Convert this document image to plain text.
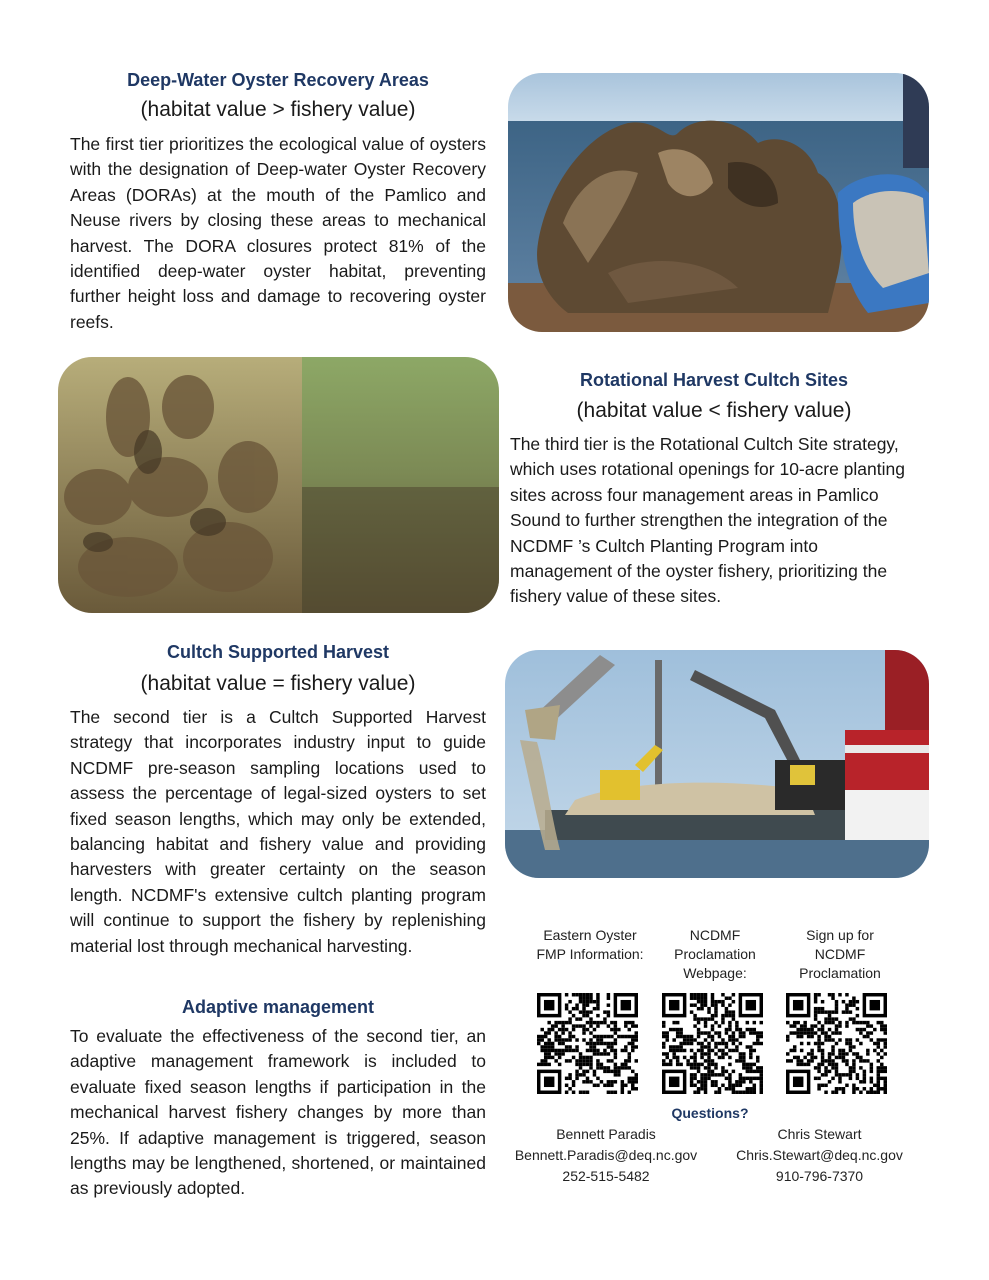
Deep-Water Oyster Recovery Areas
(habitat value > fishery value)
The first tier prioritizes the ecological value of oysters with the designation of Deep-water Oyster Recovery Areas (DORAs) at the mouth of the Pamlico and Neuse rivers by closing these areas to mechanical harvest. The DORA closures protect 81% of the identified deep-water oyster habitat, preventing further height loss and damage to recovering oyster reefs.
Rotational Harvest Cultch Sites
(habitat value < fishery value)
The third tier is the Rotational Cultch Site strategy, which uses rotational openings for 10-acre planting sites across four management areas in Pamlico Sound to further strengthen the integration of the NCDMF ’s Cultch Planting Program into management of the oyster fishery, prioritizing the fishery value of these sites.
Cultch Supported Harvest
(habitat value = fishery value)
The second tier is a Cultch Supported Harvest strategy that incorporates industry input to guide NCDMF pre-season sampling locations used to assess the percentage of legal-sized oysters to set fixed season lengths, which may only be extended, balancing habitat and fishery value and providing harvesters with greater certainty on the season length. NCDMF's extensive cultch planting program will continue to support the fishery by replenishing material lost through mechanical harvesting.
Adaptive management
To evaluate the effectiveness of the second tier, an adaptive management framework is included to evaluate fixed season lengths if participation in the mechanical harvest fishery changes by more than 25%. If adaptive management is triggered, season lengths may be lengthened, shortened, or maintained as previously adopted.
Eastern Oyster FMP Information:
NCDMF Proclamation Webpage:
Sign up for NCDMF Proclamation
Questions?
Bennett Paradis
Bennett.Paradis@deq.nc.gov
252-515-5482
Chris Stewart
Chris.Stewart@deq.nc.gov
910-796-7370
